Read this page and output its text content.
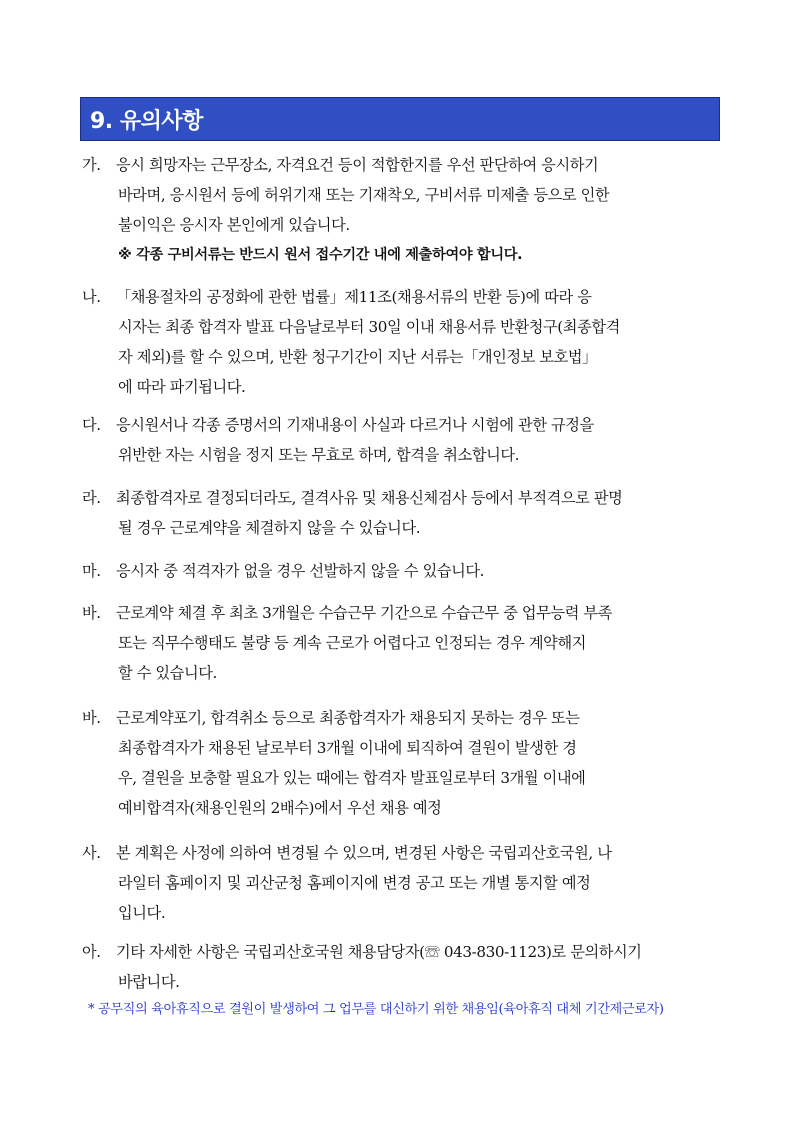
9. 유의사항
가.	응시 희망자는 근무장소, 자격요건 등이 적합한지를 우선 판단하여 응시하기
바라며, 응시원서 등에 허위기재 또는 기재착오, 구비서류 미제출 등으로 인한
불이익은 응시자 본인에게 있습니다.
※ 각종 구비서류는 반드시 원서 접수기간 내에 제출하여야 합니다.
나.	「채용절차의 공정화에 관한 법률」제11조(채용서류의 반환 등)에 따라 응
시자는 최종 합격자 발표 다음날로부터 30일 이내 채용서류 반환청구(최종합격
자 제외)를 할 수 있으며, 반환 청구기간이 지난 서류는「개인정보 보호법」
에 따라 파기됩니다.
다.	응시원서나 각종 증명서의 기재내용이 사실과 다르거나 시험에 관한 규정을
위반한 자는 시험을 정지 또는 무효로 하며, 합격을 취소합니다.
라.	최종합격자로 결정되더라도, 결격사유 및 채용신체검사 등에서 부적격으로 판명
될 경우 근로계약을 체결하지 않을 수 있습니다.
마.	응시자 중 적격자가 없을 경우 선발하지 않을 수 있습니다.
바.	근로계약 체결 후 최초 3개월은 수습근무 기간으로 수습근무 중 업무능력 부족
또는 직무수행태도 불량 등 계속 근로가 어렵다고 인정되는 경우 계약해지
할 수 있습니다.
바.	근로계약포기, 합격취소 등으로 최종합격자가 채용되지 못하는 경우 또는
최종합격자가 채용된 날로부터 3개월 이내에 퇴직하여 결원이 발생한 경
우, 결원을 보충할 필요가 있는 때에는 합격자 발표일로부터 3개월 이내에
예비합격자(채용인원의 2배수)에서 우선 채용 예정
사.	본 계획은 사정에 의하여 변경될 수 있으며, 변경된 사항은 국립괴산호국원, 나
라일터 홈페이지 및 괴산군청 홈페이지에 변경 공고 또는 개별 통지할 예정
입니다.
아.	기타 자세한 사항은 국립괴산호국원 채용담당자(☏ 043-830-1123)로 문의하시기
바랍니다.
* 공무직의 육아휴직으로 결원이 발생하여 그 업무를 대신하기 위한 채용임(육아휴직 대체 기간제근로자)
